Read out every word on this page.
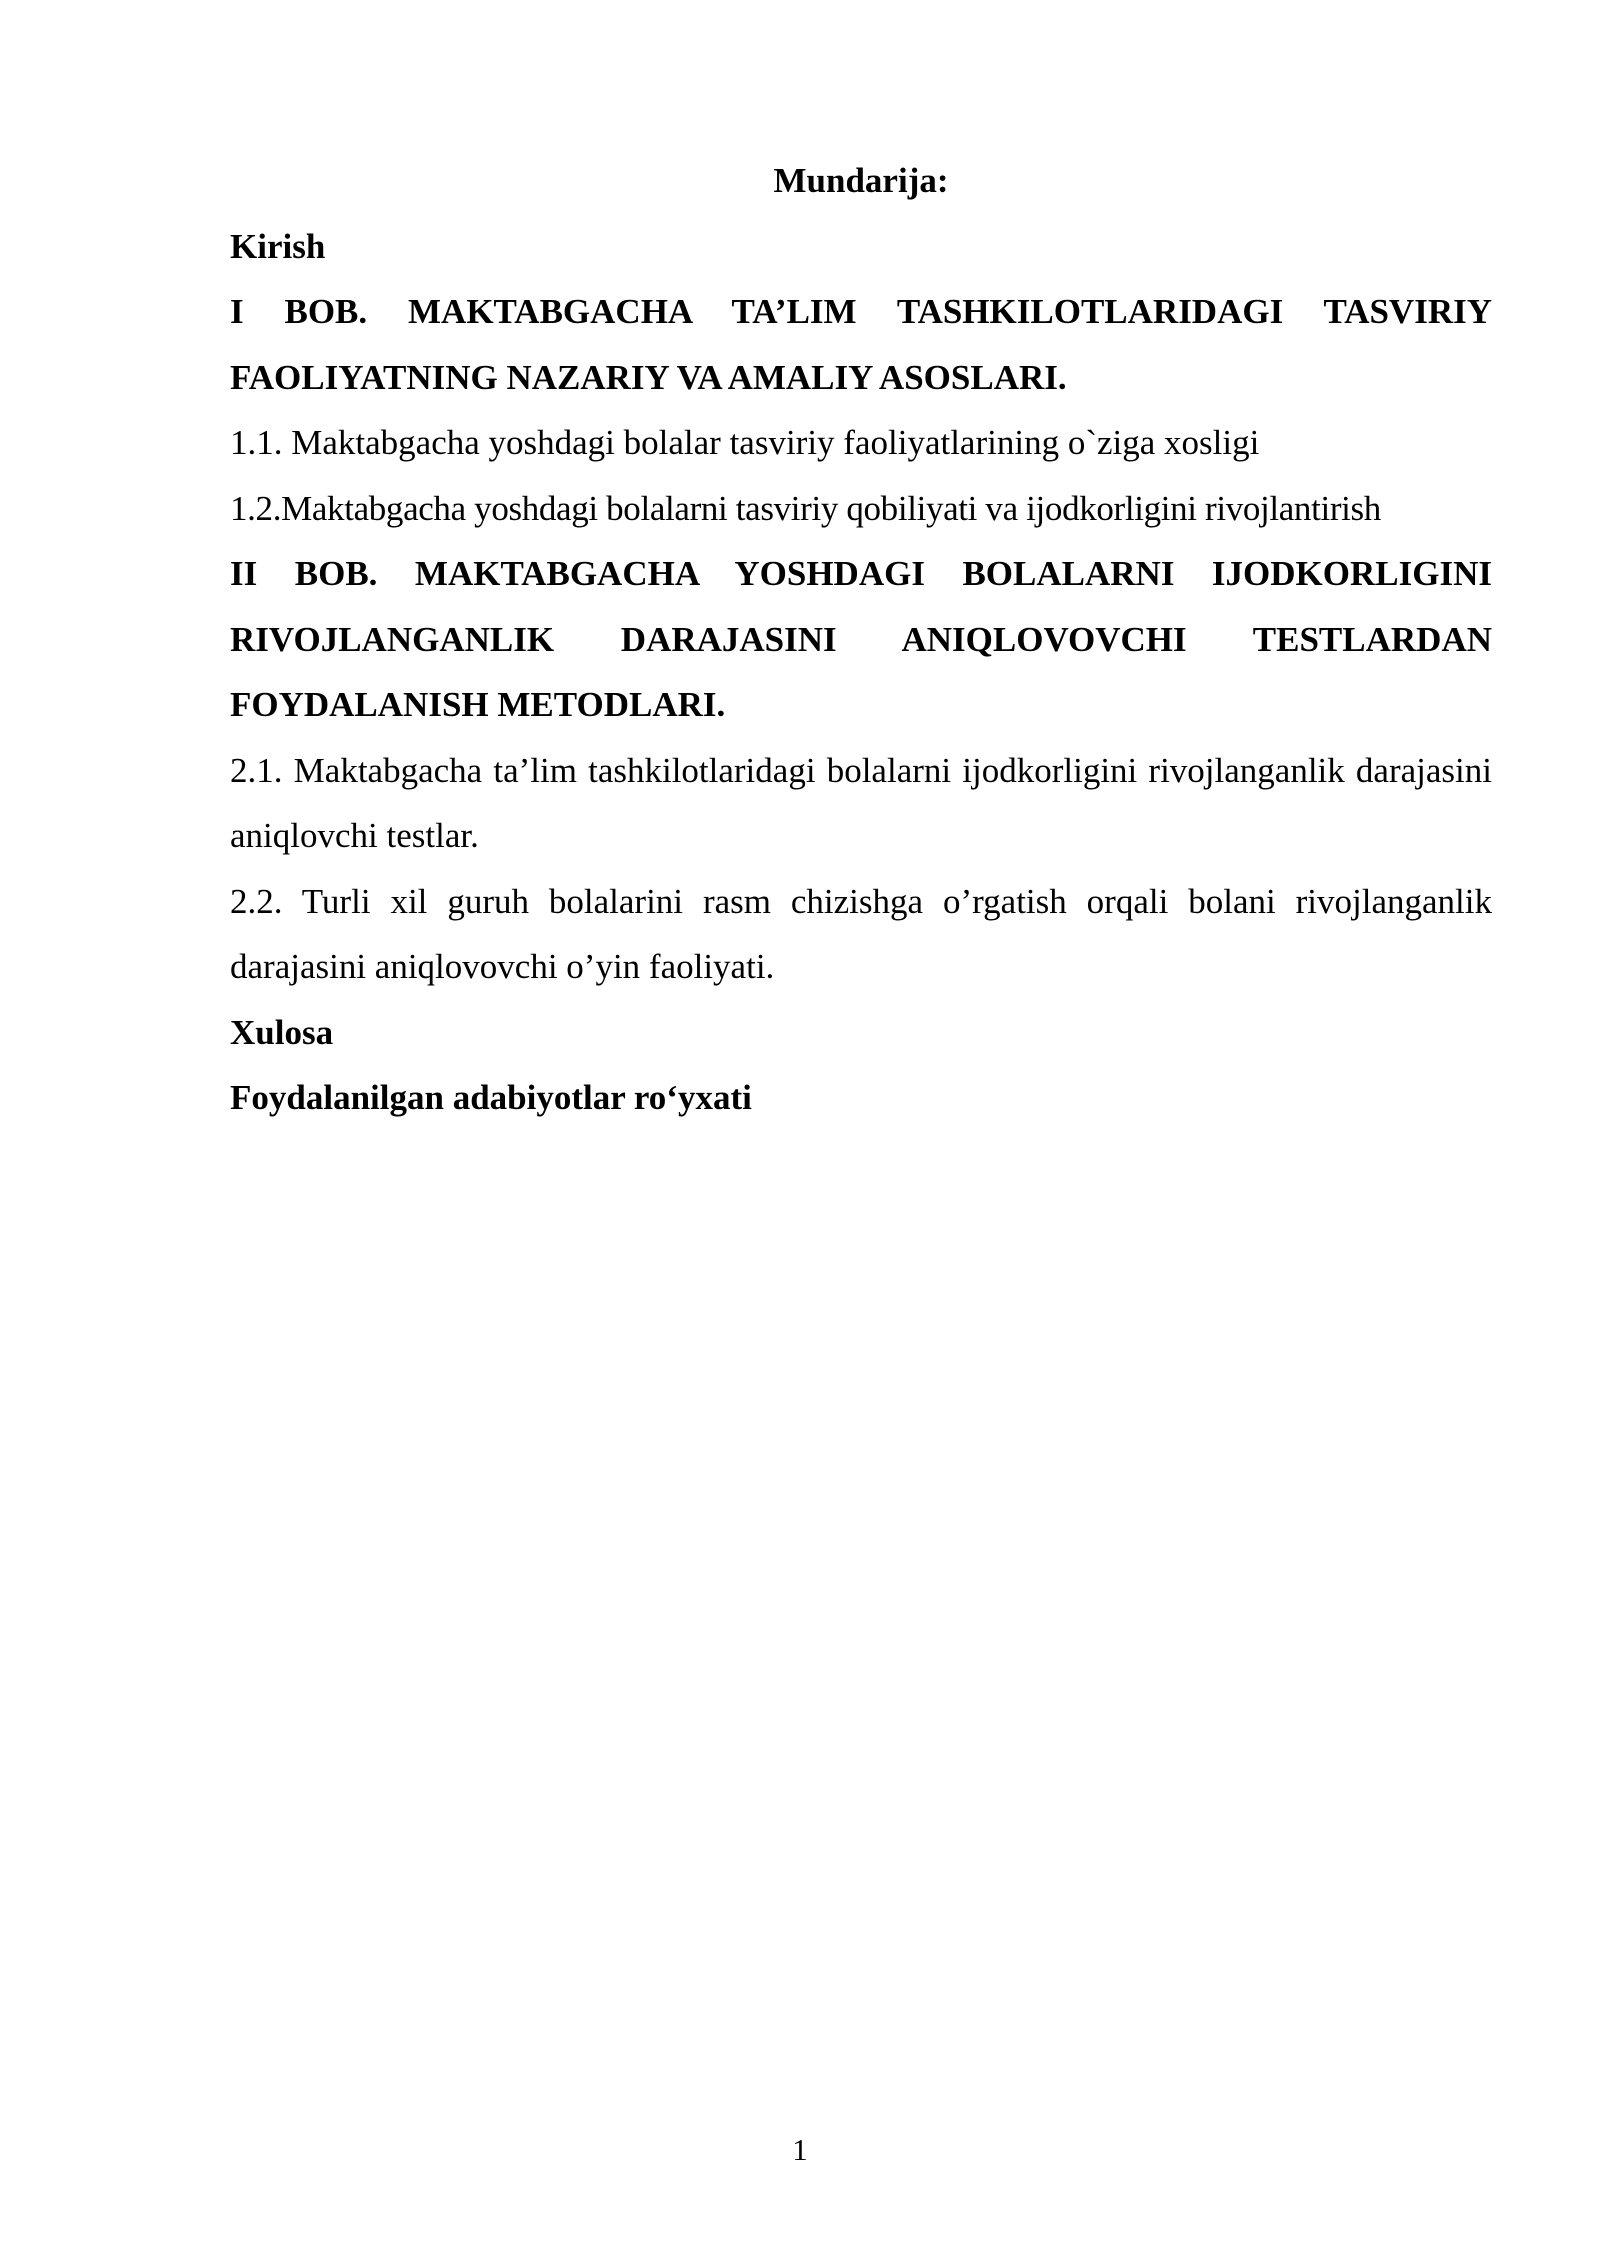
Mundarija:

Kirish

I BOB. MAKTABGACHA TA’LIM TASHKILOTLARIDAGI TASVIRIY FAOLIYATNING NAZARIY VA AMALIY ASOSLARI.

1.1. Maktabgacha yoshdagi bolalar tasviriy faoliyatlarining o`ziga xosligi

1.2.Maktabgacha yoshdagi bolalarni tasviriy qobiliyati va ijodkorligini rivojlantirish

II BOB. MAKTABGACHA YOSHDAGI BOLALARNI IJODKORLIGINI RIVOJLANGANLIK DARAJASINI ANIQLOVOVCHI TESTLARDAN FOYDALANISH METODLARI.

2.1. Maktabgacha ta’lim tashkilotlaridagi bolalarni ijodkorligini rivojlanganlik darajasini aniqlovchi testlar.

2.2. Turli xil guruh bolalarini rasm chizishga o’rgatish orqali bolani rivojlanganlik darajasini aniqlovovchi o’yin faoliyati.

Xulosa

Foydalanilgan adabiyotlar ro‘yxati

1
